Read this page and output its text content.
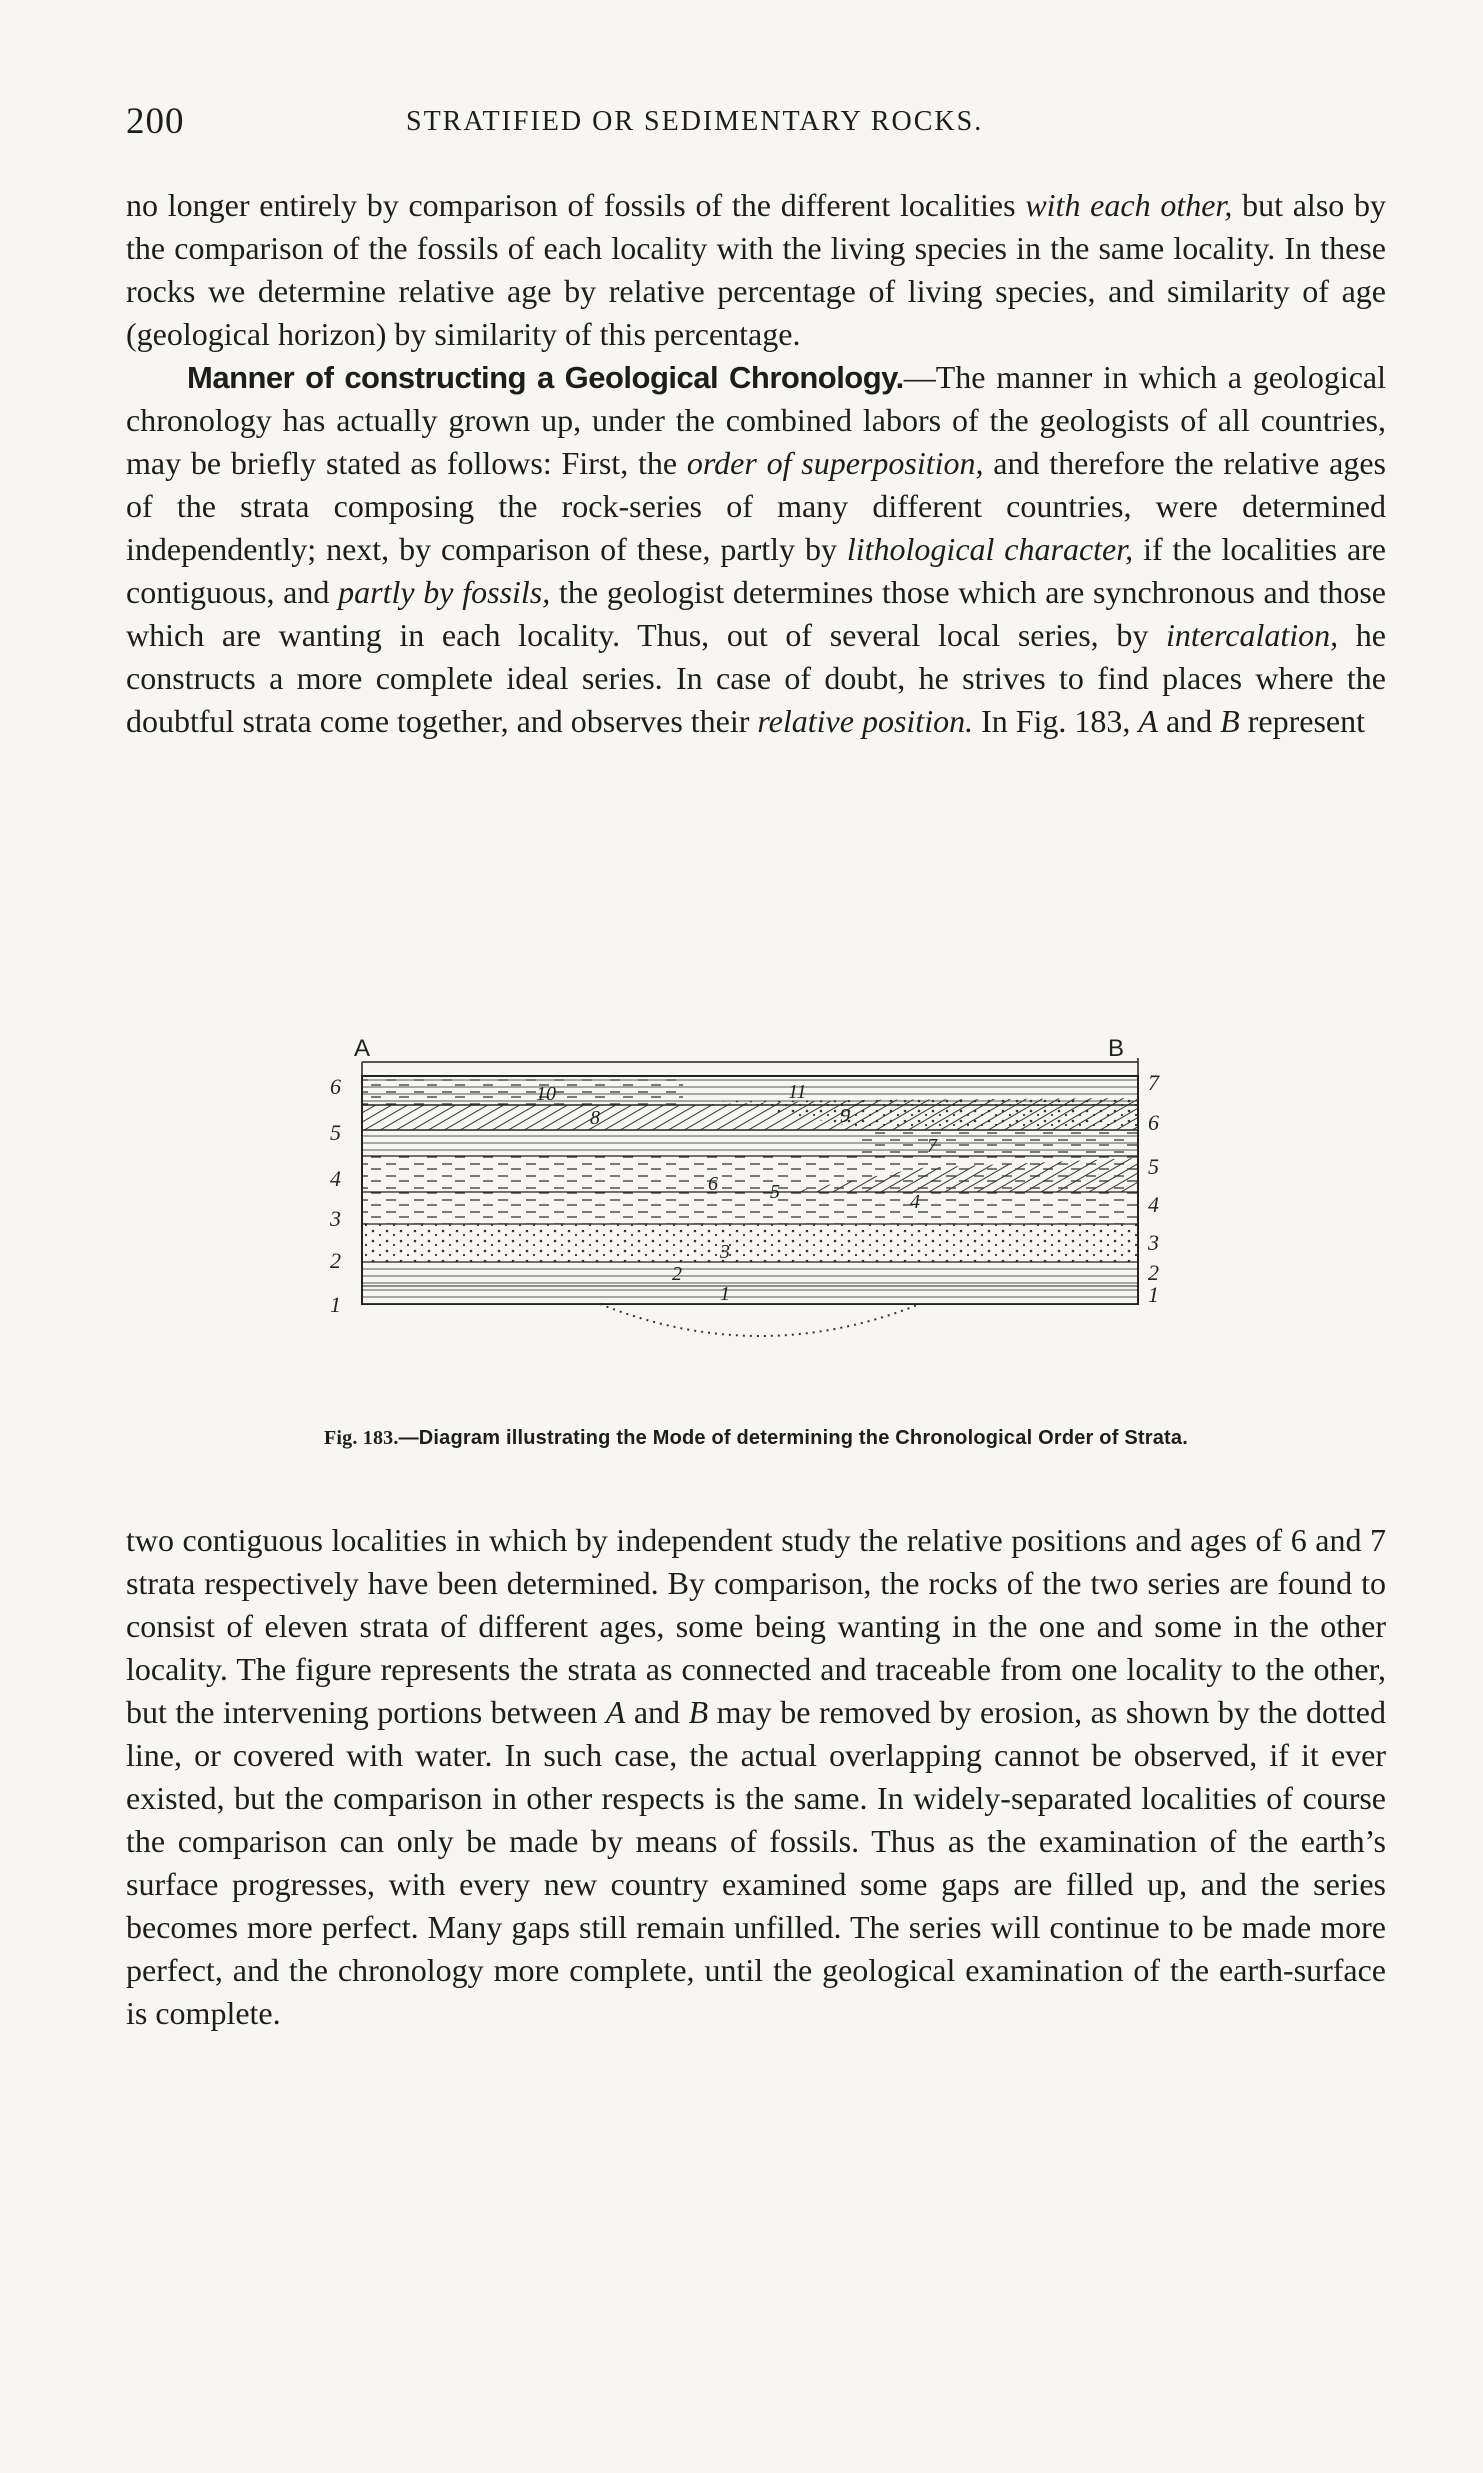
200	STRATIFIED OR SEDIMENTARY ROCKS.

no longer entirely by comparison of fossils of the different localities with each other, but also by the comparison of the fossils of each locality with the living species in the same locality. In these rocks we determine relative age by relative percentage of living species, and similarity of age (geological horizon) by similarity of this percentage.

Manner of constructing a Geological Chronology.—The manner in which a geological chronology has actually grown up, under the combined labors of the geologists of all countries, may be briefly stated as follows: First, the order of superposition, and therefore the relative ages of the strata composing the rock-series of many different countries, were determined independently; next, by comparison of these, partly by lithological character, if the localities are contiguous, and partly by fossils, the geologist determines those which are synchronous and those which are wanting in each locality. Thus, out of several local series, by intercalation, he constructs a more complete ideal series. In case of doubt, he strives to find places where the doubtful strata come together, and observes their relative position. In Fig. 183, A and B represent

A	B
11
10
9
8
7
6	5	4
3
2
1
6
5
4
3
2
1
7
6
5
4
3
2
1
Fig. 183.—Diagram illustrating the Mode of determining the Chronological Order of Strata.

two contiguous localities in which by independent study the relative positions and ages of 6 and 7 strata respectively have been determined. By comparison, the rocks of the two series are found to consist of eleven strata of different ages, some being wanting in the one and some in the other locality. The figure represents the strata as connected and traceable from one locality to the other, but the intervening portions between A and B may be removed by erosion, as shown by the dotted line, or covered with water. In such case, the actual overlapping cannot be observed, if it ever existed, but the comparison in other respects is the same. In widely-separated localities of course the comparison can only be made by means of fossils. Thus as the examination of the earth’s surface progresses, with every new country examined some gaps are filled up, and the series becomes more perfect. Many gaps still remain unfilled. The series will continue to be made more perfect, and the chronology more complete, until the geological examination of the earth-surface is complete.
